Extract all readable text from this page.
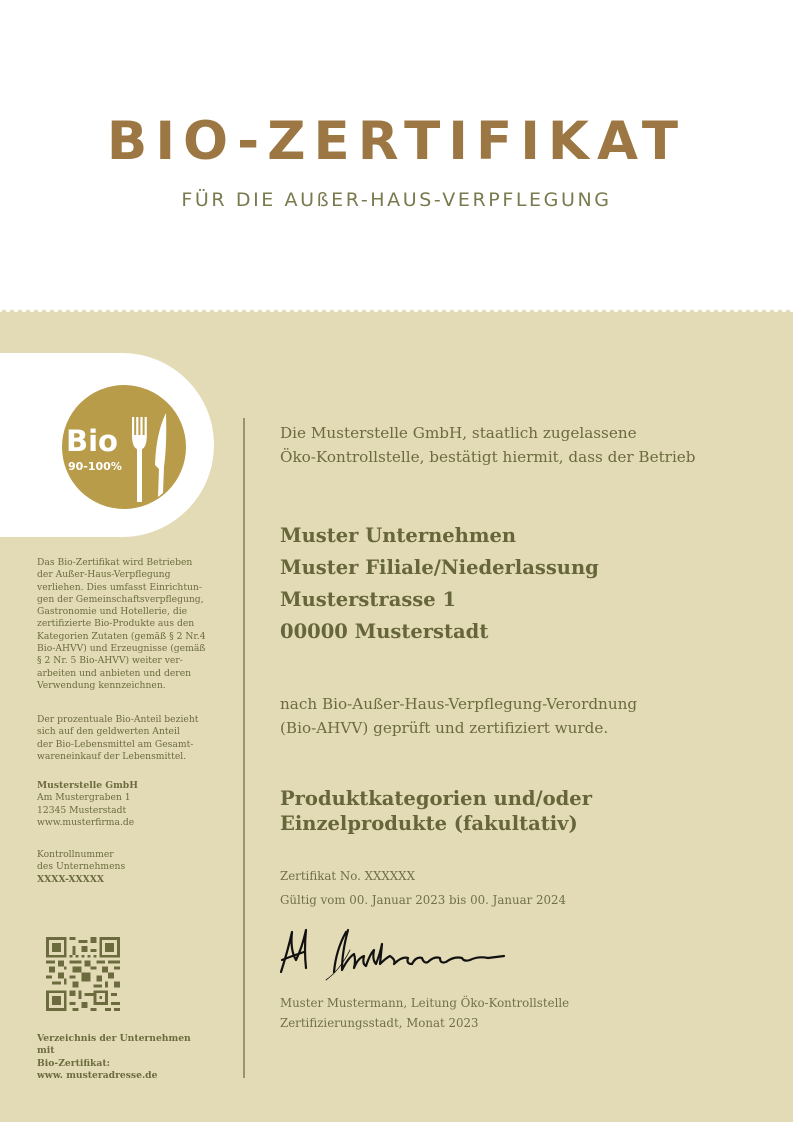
BIO-ZERTIFIKAT
FÜR DIE AUßER-HAUS-VERPFLEGUNG
Bio
90-100%
Das Bio-Zertifikat wird Betrieben
der Außer-Haus-Verpflegung
verliehen. Dies umfasst Einrichtun-
gen der Gemeinschaftsverpflegung,
Gastronomie und Hotellerie, die
zertifizierte Bio-Produkte aus den
Kategorien Zutaten (gemäß § 2 Nr.4
Bio-AHVV) und Erzeugnisse (gemäß
§ 2 Nr. 5 Bio-AHVV) weiter ver-
arbeiten und anbieten und deren
Verwendung kennzeichnen.
Der prozentuale Bio-Anteil bezieht
sich auf den geldwerten Anteil
der Bio-Lebensmittel am Gesamt-
wareneinkauf der Lebensmittel.
Musterstelle GmbH
Am Mustergraben 1
12345 Musterstadt
www.musterfirma.de
Kontrollnummer
des Unternehmens
XXXX-XXXXX
Verzeichnis der Unternehmen mit
Bio-Zertifikat:
www. musteradresse.de
Die Musterstelle GmbH, staatlich zugelassene
Öko-Kontrollstelle, bestätigt hiermit, dass der Betrieb
Muster Unternehmen
Muster Filiale/Niederlassung
Musterstrasse 1
00000 Musterstadt
nach Bio-Außer-Haus-Verpflegung-Verordnung
(Bio-AHVV) geprüft und zertifiziert wurde.
Produktkategorien und/oder
Einzelprodukte (fakultativ)
Zertifikat No. XXXXXX
Gültig vom 00. Januar 2023 bis 00. Januar 2024
Muster Mustermann, Leitung Öko-Kontrollstelle
Zertifizierungsstadt, Monat 2023
